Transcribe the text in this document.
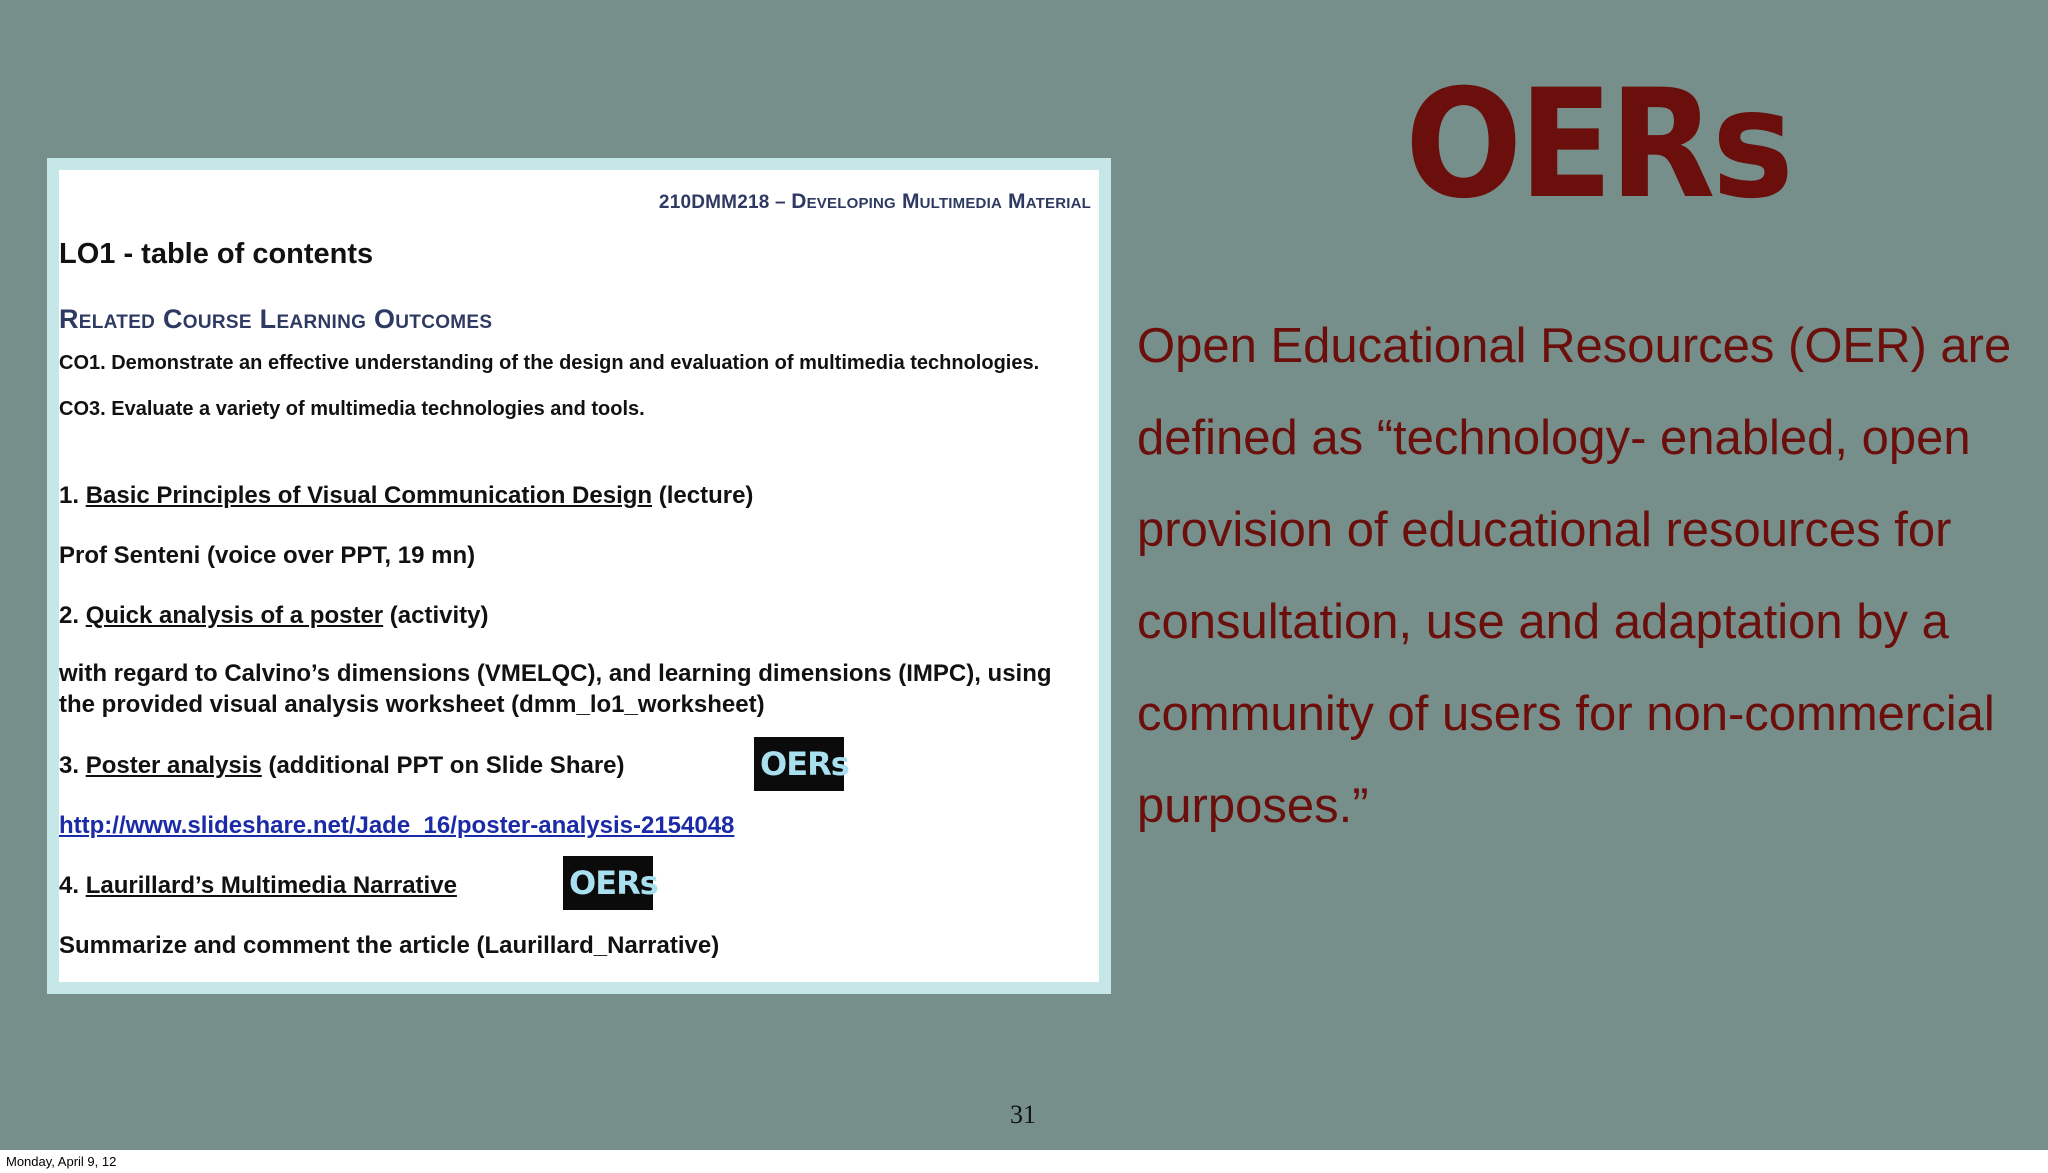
210DMM218 – Developing Multimedia Material
LO1 - table of contents
Related Course Learning Outcomes
CO1. Demonstrate an effective understanding of the design and evaluation of multimedia technologies.
CO3. Evaluate a variety of multimedia technologies and tools.
1. Basic Principles of Visual Communication Design (lecture)
Prof Senteni (voice over PPT, 19 mn)
2. Quick analysis of a poster (activity)
with regard to Calvino’s dimensions (VMELQC), and learning dimensions (IMPC), using the provided visual analysis worksheet (dmm_lo1_worksheet)
3. Poster analysis (additional PPT on Slide Share)	OERs
http://www.slideshare.net/Jade_16/poster-analysis-2154048
4. Laurillard’s Multimedia Narrative	OERs
Summarize and comment the article (Laurillard_Narrative)
OERs

Open Educational Resources (OER) are defined as “technology- enabled, open provision of educational resources for consultation, use and adaptation by a community of users for non-commercial purposes.”

31
Monday, April 9, 12
